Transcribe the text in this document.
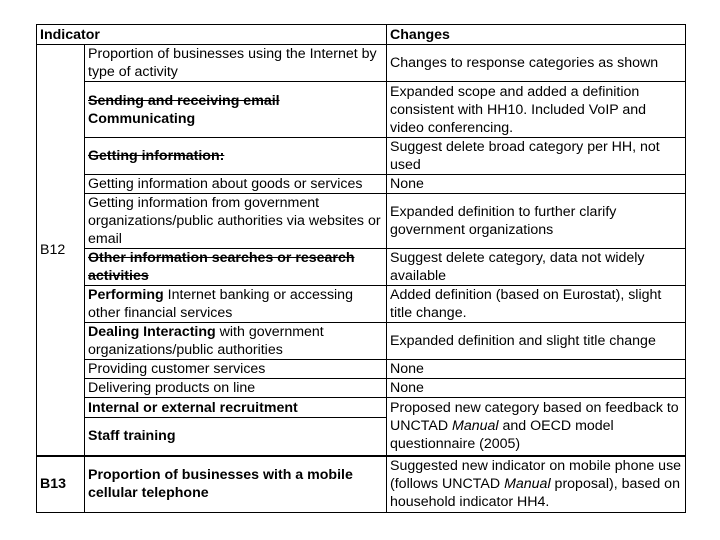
Indicator		Changes
B12	Proportion of businesses using the Internet by type of activity	Changes to response categories as shown
	Sending and receiving email Communicating	Expanded scope and added a definition consistent with HH10. Included VoIP and video conferencing.
	Getting information:	Suggest delete broad category per HH, not used
	Getting information about goods or services	None
	Getting information from government organizations/public authorities via websites or email	Expanded definition to further clarify government organizations
	Other information searches or research activities	Suggest delete category, data not widely available
	Performing Internet banking or accessing other financial services	Added definition (based on Eurostat), slight title change.
	Dealing Interacting with government organizations/public authorities	Expanded definition and slight title change
	Providing customer services	None
	Delivering products on line	None
	Internal or external recruitment	Proposed new category based on feedback to UNCTAD Manual and OECD model questionnaire (2005)
	Staff training	
B13	Proportion of businesses with a mobile cellular telephone	Suggested new indicator on mobile phone use (follows UNCTAD Manual proposal), based on household indicator HH4.
